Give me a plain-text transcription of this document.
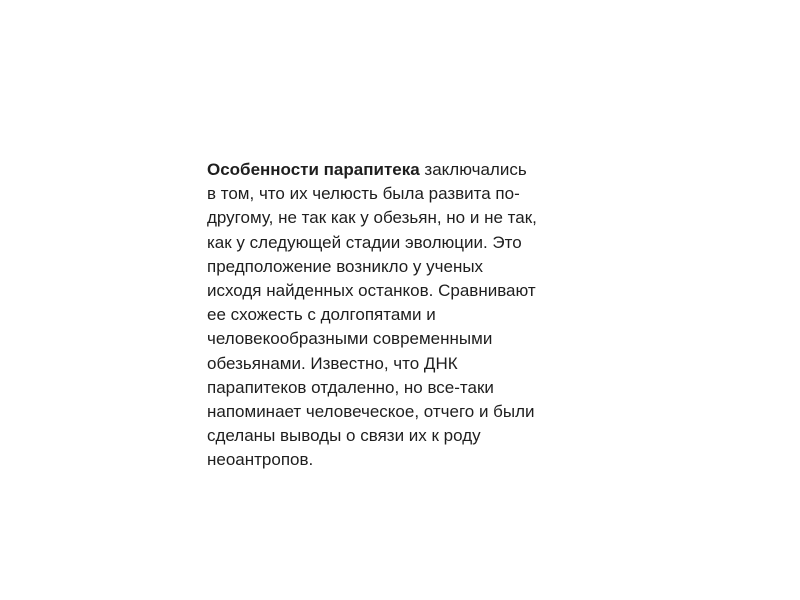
Особенности парапитека заключались
в том, что их челюсть была развита по-
другому, не так как у обезьян, но и не так,
как у следующей стадии эволюции. Это
предположение возникло у ученых
исходя найденных останков. Сравнивают
ее схожесть с долгопятами и
человекообразными современными
обезьянами. Известно, что ДНК
парапитеков отдаленно, но все-таки
напоминает человеческое, отчего и были
сделаны выводы о связи их к роду
неоантропов.
